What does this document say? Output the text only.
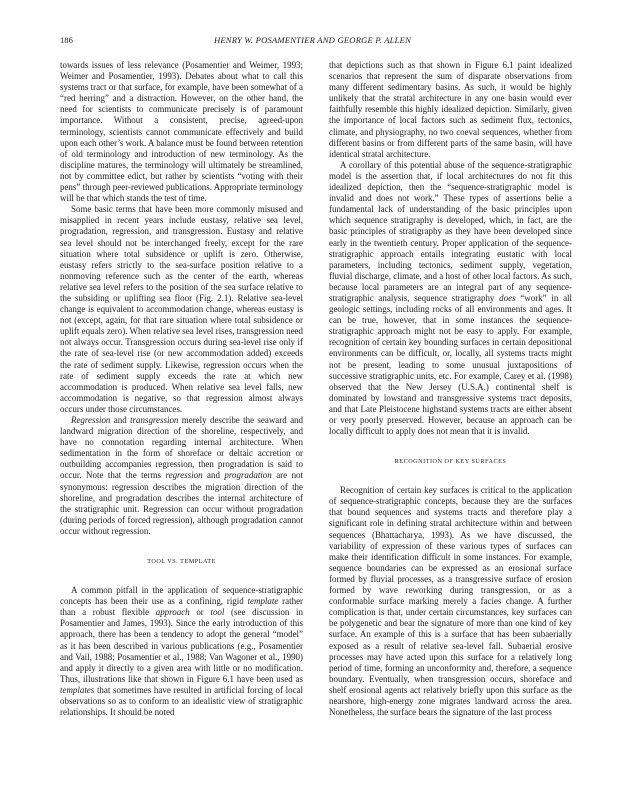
186	HENRY W. POSAMENTIER AND GEORGE P. ALLEN

towards issues of less relevance (Posamentier and Weimer, 1993; Weimer and Posamentier, 1993). Debates about what to call this systems tract or that surface, for example, have been somewhat of a “red herring” and a distraction. However, on the other hand, the need for scientists to communicate precisely is of paramount importance. Without a consistent, precise, agreed-upon terminology, scientists cannot communicate effectively and build upon each other’s work. A balance must be found between retention of old terminology and introduction of new terminology. As the discipline matures, the terminology will ultimately be streamlined, not by committee edict, but rather by scientists “voting with their pens” through peer-reviewed publications. Appropriate terminology will be that which stands the test of time.

Some basic terms that have been more commonly misused and misapplied in recent years include eustasy, relative sea level, progradation, regression, and transgression. Eustasy and relative sea level should not be interchanged freely, except for the rare situation where total subsidence or uplift is zero. Otherwise, eustasy refers strictly to the sea-surface position relative to a nonmoving reference such as the center of the earth, whereas relative sea level refers to the position of the sea surface relative to the subsiding or uplifting sea floor (Fig. 2.1). Relative sea-level change is equivalent to accommodation change, whereas eustasy is not (except, again, for that rare situation where total subsidence or uplift equals zero). When relative sea level rises, transgression need not always occur. Transgression occurs during sea-level rise only if the rate of sea-level rise (or new accommodation added) exceeds the rate of sediment supply. Likewise, regression occurs when the rate of sediment supply exceeds the rate at which new accommodation is produced. When relative sea level falls, new accommodation is negative, so that regression almost always occurs under those circumstances.

Regression and transgression merely describe the seaward and landward migration direction of the shoreline, respectively, and have no connotation regarding internal architecture. When sedimentation in the form of shoreface or deltaic accretion or outbuilding accompanies regression, then progradation is said to occur. Note that the terms regression and progradation are not synonymous: regression describes the migration direction of the shoreline, and progradation describes the internal architecture of the stratigraphic unit. Regression can occur without progradation (during periods of forced regression), although progradation cannot occur without regression.

TOOL VS. TEMPLATE

A common pitfall in the application of sequence-stratigraphic concepts has been their use as a confining, rigid template rather than a robust flexible approach or tool (see discussion in Posamentier and James, 1993). Since the early introduction of this approach, there has been a tendency to adopt the general “model” as it has been described in various publications (e.g., Posamentier and Vail, 1988; Posamentier et al., 1988; Van Wagoner et al., 1990) and apply it directly to a given area with little or no modification. Thus, illustrations like that shown in Figure 6.1 have been used as templates that sometimes have resulted in artificial forcing of local observations so as to conform to an idealistic view of stratigraphic relationships. It should be noted

that depictions such as that shown in Figure 6.1 paint idealized scenarios that represent the sum of disparate observations from many different sedimentary basins. As such, it would be highly unlikely that the stratal architecture in any one basin would ever faithfully resemble this highly idealized depiction. Similarly, given the importance of local factors such as sediment flux, tectonics, climate, and physiography, no two coeval sequences, whether from different basins or from different parts of the same basin, will have identical stratal architecture.

A corollary of this potential abuse of the sequence-stratigraphic model is the assertion that, if local architectures do not fit this idealized depiction, then the “sequence-stratigraphic model is invalid and does not work.” These types of assertions belie a fundamental lack of understanding of the basic principles upon which sequence stratigraphy is developed, which, in fact, are the basic principles of stratigraphy as they have been developed since early in the twentieth century. Proper application of the sequence-stratigraphic approach entails integrating eustatic with local parameters, including tectonics, sediment supply, vegetation, fluvial discharge, climate, and a host of other local factors. As such, because local parameters are an integral part of any sequence-stratigraphic analysis, sequence stratigraphy does “work” in all geologic settings, including rocks of all environments and ages. It can be true, however, that in some instances the sequence-stratigraphic approach might not be easy to apply. For example, recognition of certain key bounding surfaces in certain depositional environments can be difficult, or, locally, all systems tracts might not be present, leading to some unusual juxtapositions of successive stratigraphic units, etc. For example, Carey et al. (1998) observed that the New Jersey (U.S.A.) continental shelf is dominated by lowstand and transgressive systems tract deposits, and that Late Pleistocene highstand systems tracts are either absent or very poorly preserved. However, because an approach can be locally difficult to apply does not mean that it is invalid.

RECOGNITION OF KEY SURFACES

Recognition of certain key surfaces is critical to the application of sequence-stratigraphic concepts, because they are the surfaces that bound sequences and systems tracts and therefore play a significant role in defining stratal architecture within and between sequences (Bhattacharya, 1993). As we have discussed, the variability of expression of these various types of surfaces can make their identification difficult in some instances. For example, sequence boundaries can be expressed as an erosional surface formed by fluvial processes, as a transgressive surface of erosion formed by wave reworking during transgression, or as a conformable surface marking merely a facies change. A further complication is that, under certain circumstances, key surfaces can be polygenetic and bear the signature of more than one kind of key surface. An example of this is a surface that has been subaerially exposed as a result of relative sea-level fall. Subaerial erosive processes may have acted upon this surface for a relatively long period of time, forming an unconformity and, therefore, a sequence boundary. Eventually, when transgression occurs, shoreface and shelf erosional agents act relatively briefly upon this surface as the nearshore, high-energy zone migrates landward across the area. Nonetheless, the surface bears the signature of the last process
